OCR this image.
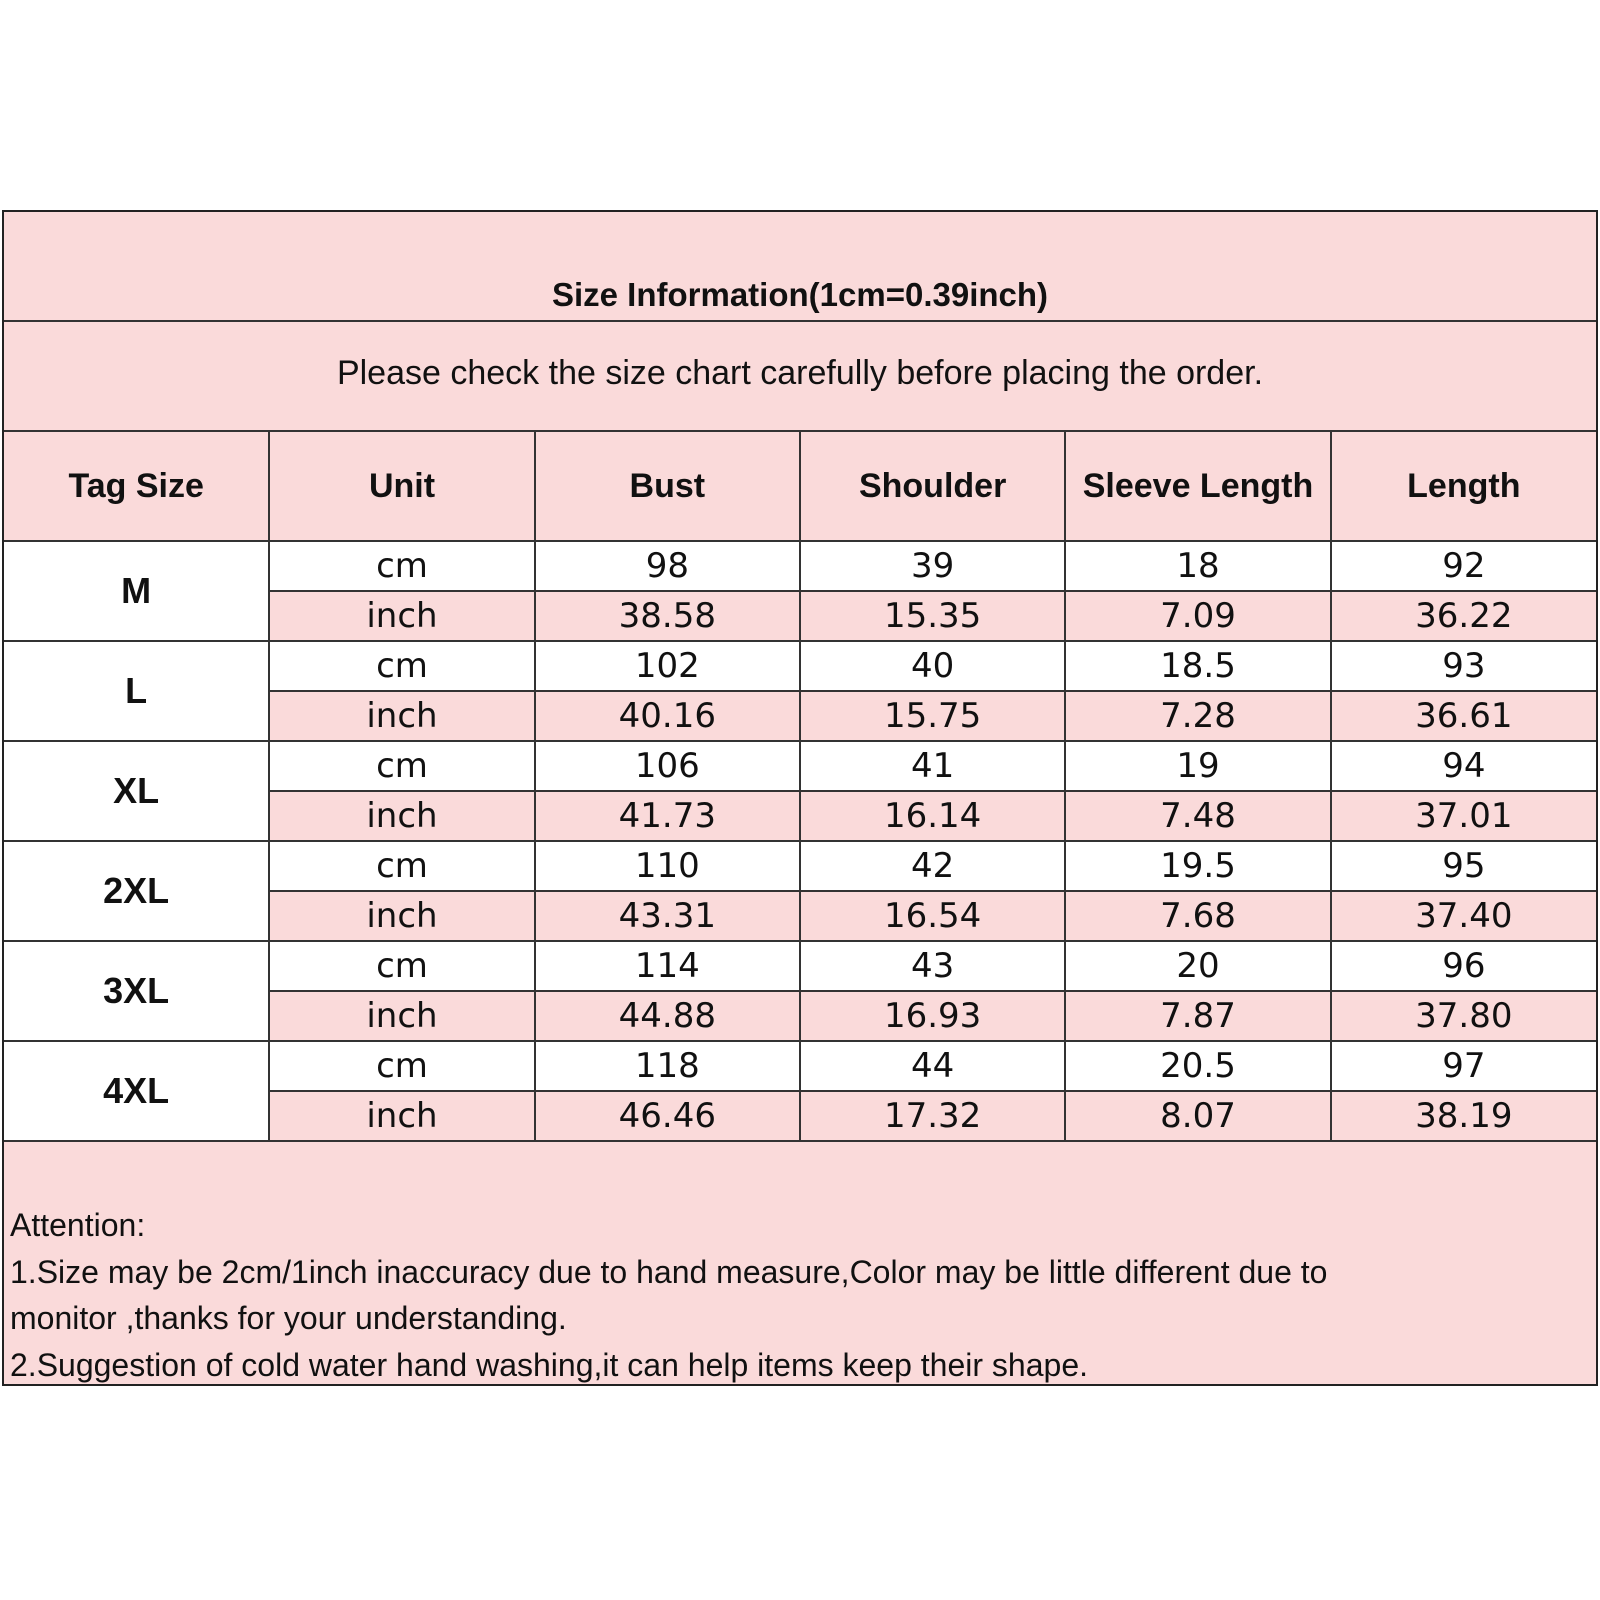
Size Information(1cm=0.39inch)
Please check the size chart carefully before placing the order.
Tag Size	Unit	Bust	Shoulder	Sleeve Length	Length
M	cm	98	39	18	92
	inch	38.58	15.35	7.09	36.22
L	cm	102	40	18.5	93
	inch	40.16	15.75	7.28	36.61
XL	cm	106	41	19	94
	inch	41.73	16.14	7.48	37.01
2XL	cm	110	42	19.5	95
	inch	43.31	16.54	7.68	37.40
3XL	cm	114	43	20	96
	inch	44.88	16.93	7.87	37.80
4XL	cm	118	44	20.5	97
	inch	46.46	17.32	8.07	38.19
Attention:
1.Size may be 2cm/1inch inaccuracy due to hand measure,Color may be little different due to
monitor ,thanks for your understanding.
2.Suggestion of cold water hand washing,it can help items keep their shape.
